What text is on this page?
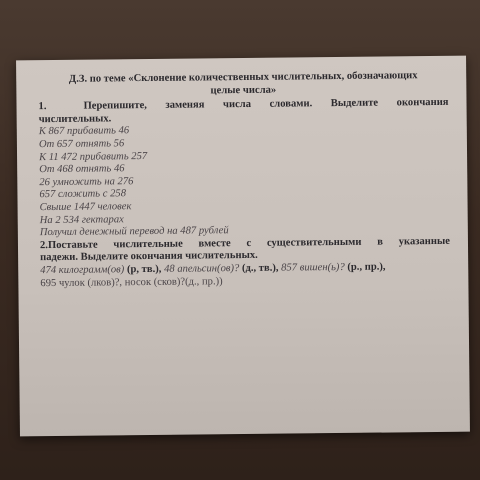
Д.З. по теме «Склонение количественных числительных, обозначающих
целые числа»

1.  Перепишите, заменяя числа словами. Выделите окончания

числительных.

К 867 прибавить 46
От 657 отнять 56
К 11 472 прибавить 257
От 468 отнять 46
26 умножить на 276
657 сложить с 258
Свыше 1447 человек
На 2 534 гектарах
Получил денежный перевод на 487 рублей
2.Поставьте числительные вместе с существительными в указанные

падежи. Выделите окончания числительных.

474 килограмм(ов) (р, тв.), 48 апельсин(ов)? (д., тв.), 857 вишен(ь)? (р., пр.),
695 чулок (лков)?, носок (сков)?(д., пр.))
